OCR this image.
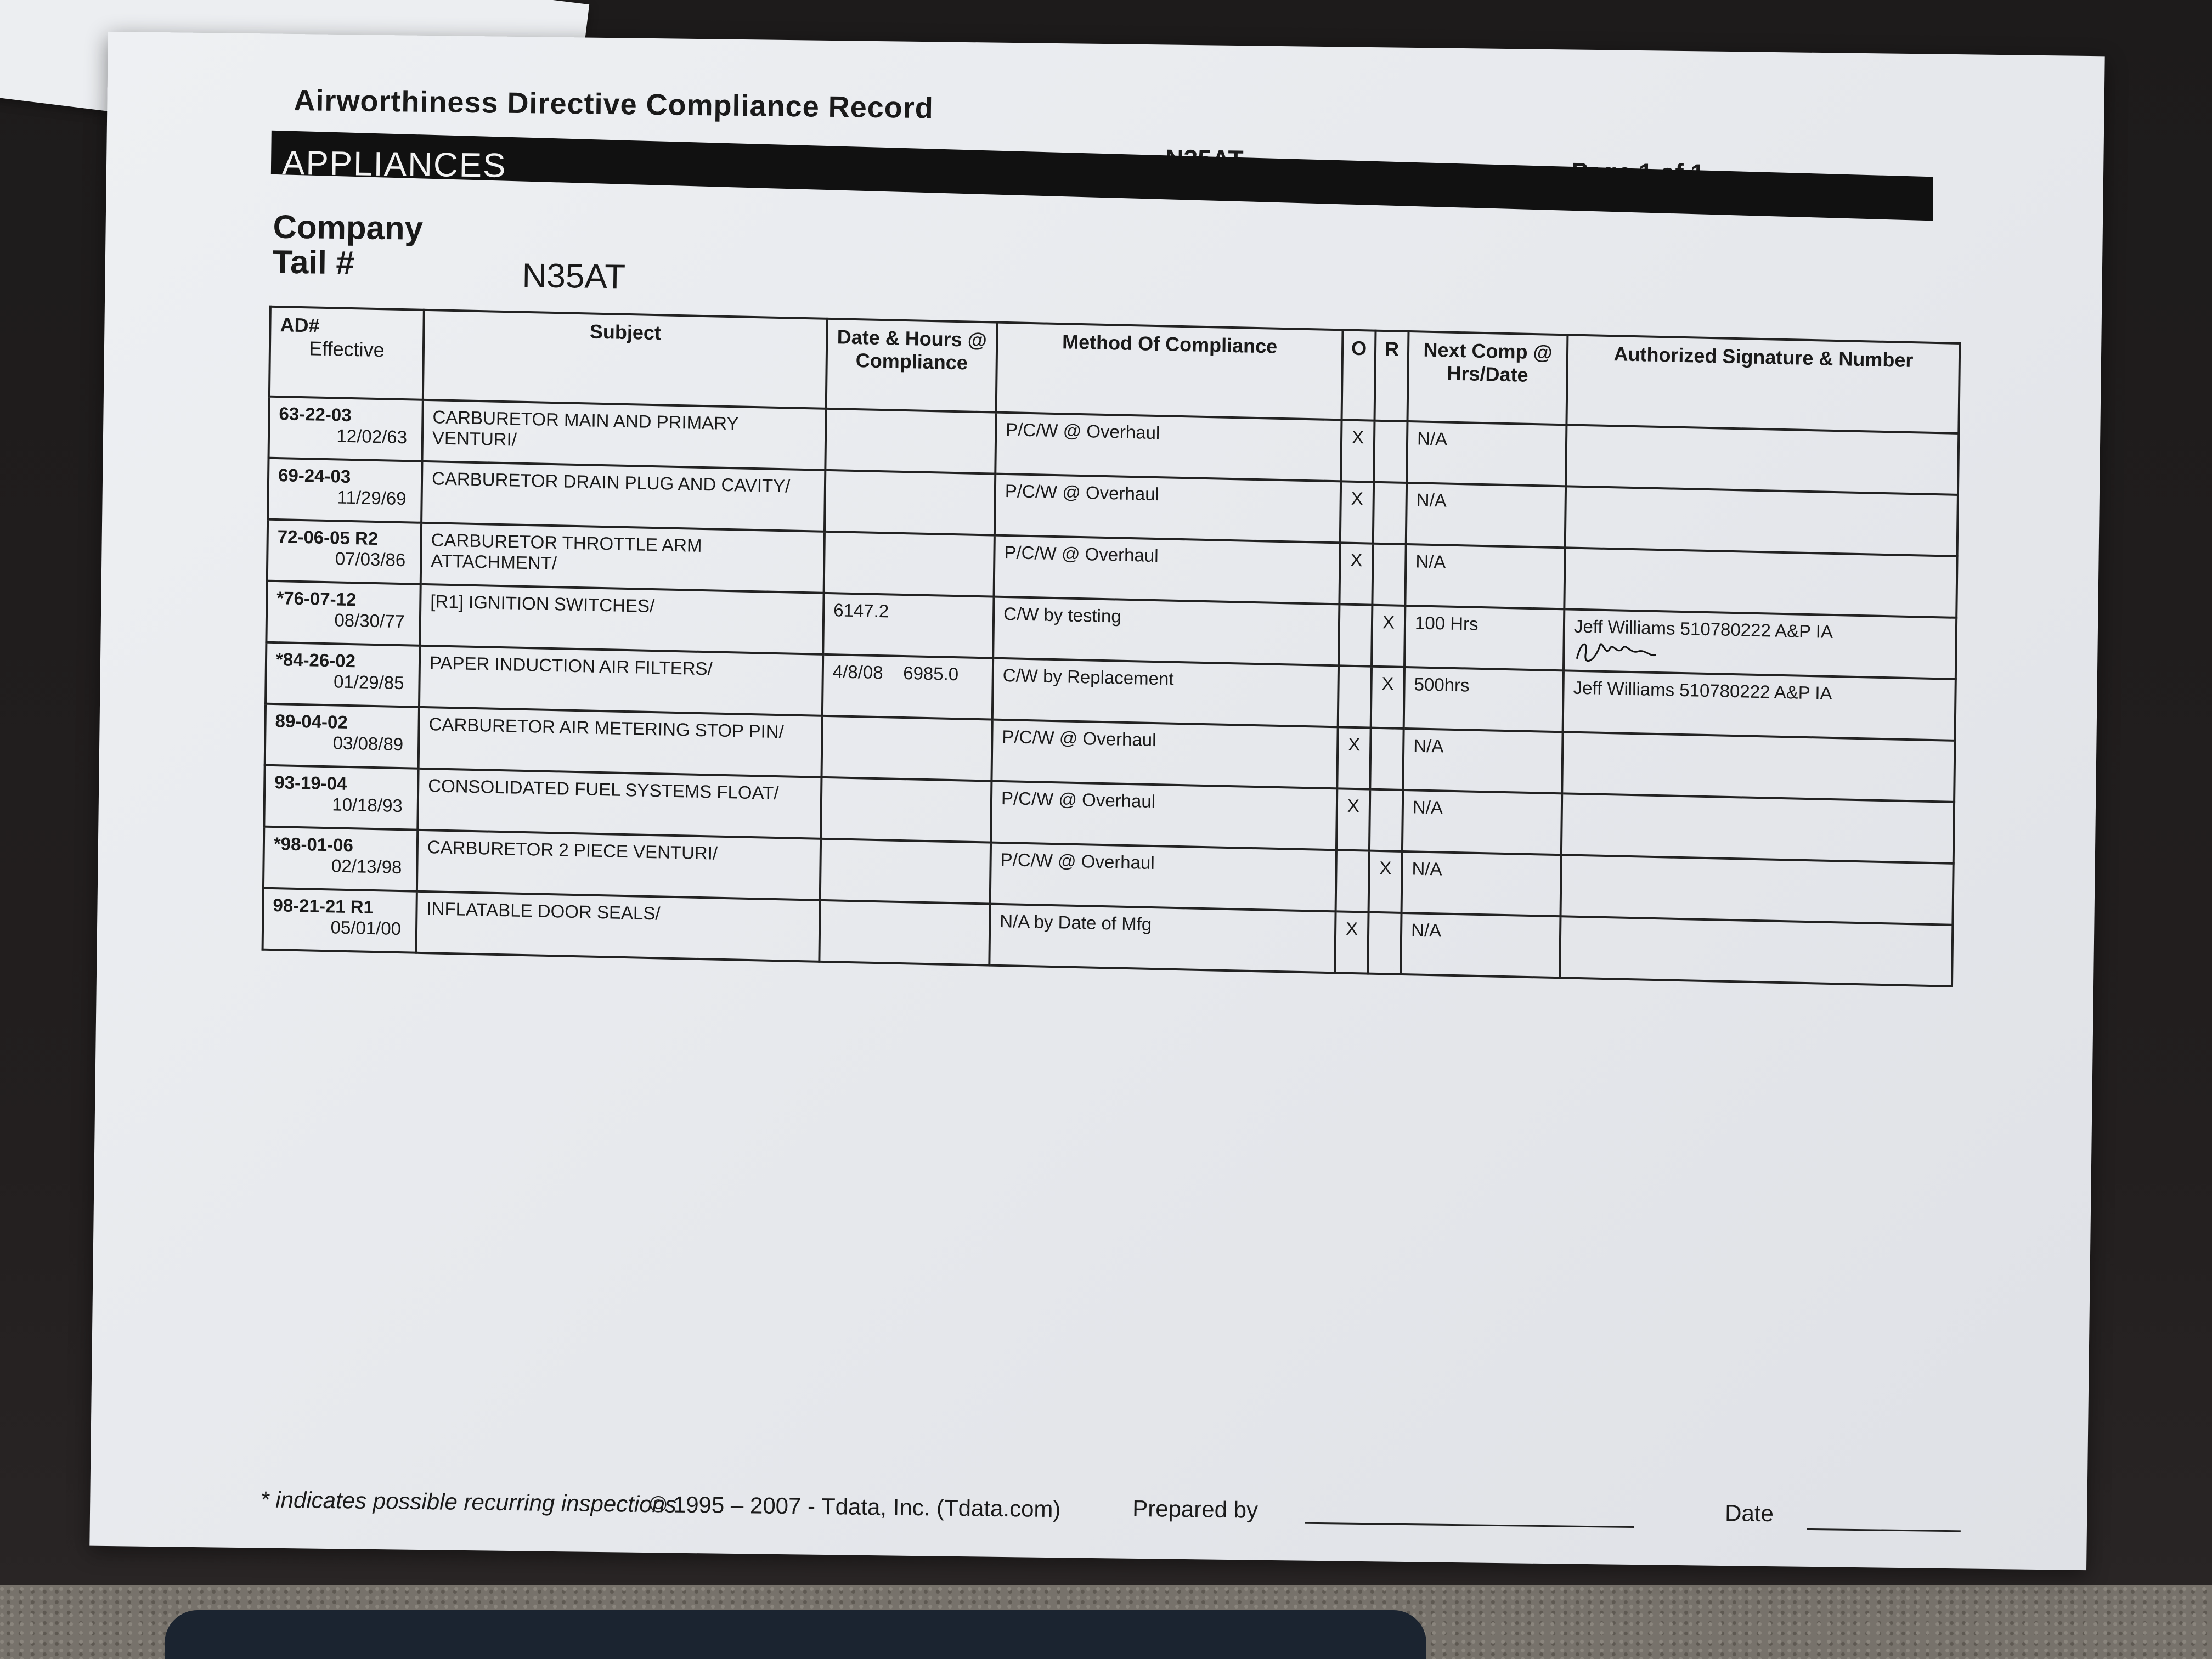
Airworthiness Directive Compliance Record
APPLIANCES
Company
Tail #	N35AT
AD#
Effective	Subject	Date & Hours @ Compliance	Method Of Compliance	O	R	Next Comp @ Hrs/Date	Authorized Signature & Number

63-22-03
12/02/63	CARBURETOR MAIN AND PRIMARY VENTURI/		P/C/W @ Overhaul	X		N/A	

69-24-03
11/29/69	CARBURETOR DRAIN PLUG AND CAVITY/		P/C/W @ Overhaul	X		N/A	

72-06-05 R2
07/03/86	CARBURETOR THROTTLE ARM ATTACHMENT/		P/C/W @ Overhaul	X		N/A	

*76-07-12
08/30/77	[R1] IGNITION SWITCHES/	6147.2	C/W by testing		X	100 Hrs	Jeff Williams 510780222 A&P IA

*84-26-02
01/29/85	PAPER INDUCTION AIR FILTERS/	4/8/08    6985.0	C/W by Replacement		X	500hrs	Jeff Williams 510780222 A&P IA

89-04-02
03/08/89	CARBURETOR AIR METERING STOP PIN/		P/C/W @ Overhaul	X		N/A	

93-19-04
10/18/93	CONSOLIDATED FUEL SYSTEMS FLOAT/		P/C/W @ Overhaul	X		N/A	

*98-01-06
02/13/98	CARBURETOR 2 PIECE VENTURI/		P/C/W @ Overhaul		X	N/A	

98-21-21 R1
05/01/00	INFLATABLE DOOR SEALS/		N/A by Date of Mfg	X		N/A	
* indicates possible recurring inspections
© 1995 – 2007 - Tdata, Inc. (Tdata.com)	Prepared by	Date
